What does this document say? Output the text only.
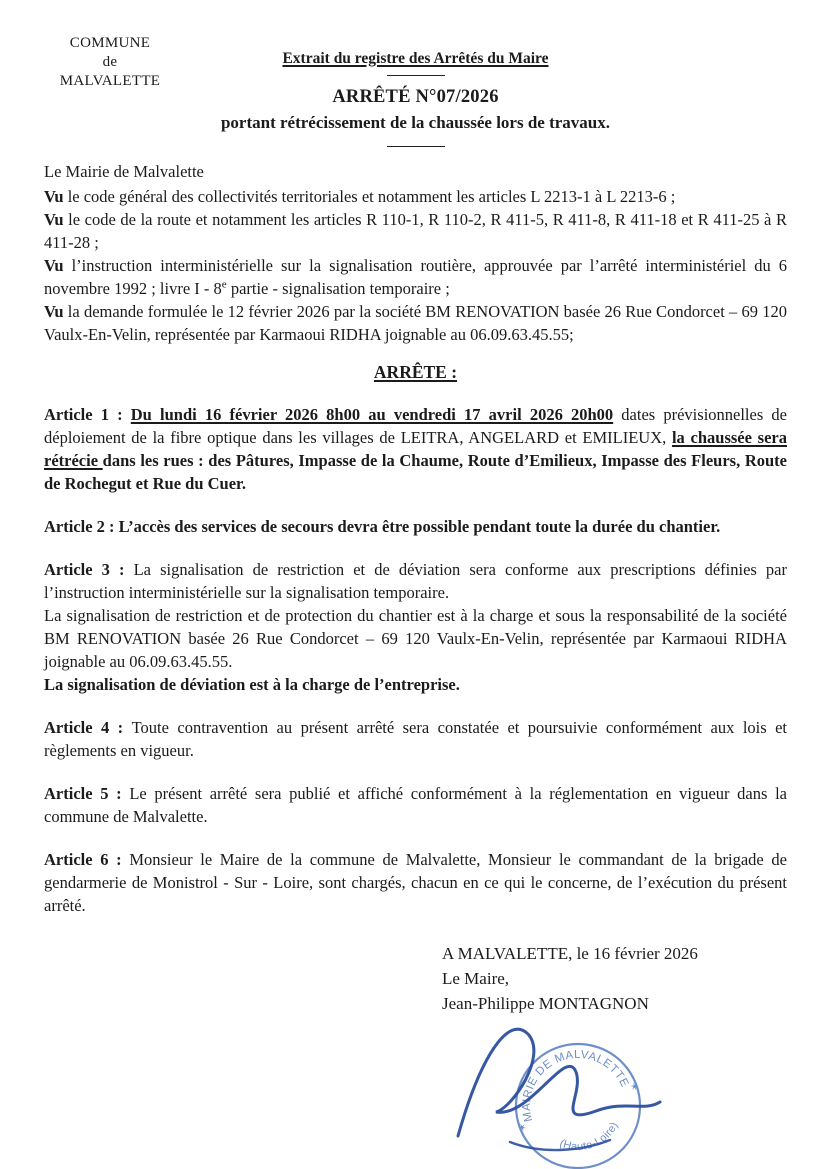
COMMUNE
de
MALVALETTE
Extrait du registre des Arrêtés du Maire
ARRÊTÉ N°07/2026
portant rétrécissement de la chaussée lors de travaux.

Le Mairie de Malvalette

Vu le code général des collectivités territoriales et notamment les articles L 2213-1 à L 2213-6 ;

Vu le code de la route et notamment les articles R 110-1, R 110-2, R 411-5, R 411-8, R 411-18 et R 411-25 à R 411-28 ;

Vu l’instruction interministérielle sur la signalisation routière, approuvée par l’arrêté interministériel du 6 novembre 1992 ; livre I - 8e partie - signalisation temporaire ;

Vu la demande formulée le 12 février 2026 par la société BM RENOVATION basée 26 Rue Condorcet – 69 120 Vaulx-En-Velin, représentée par Karmaoui RIDHA joignable au 06.09.63.45.55;

ARRÊTE :

Article 1 : Du lundi 16 février 2026 8h00 au vendredi 17 avril 2026 20h00 dates prévisionnelles de déploiement de la fibre optique dans les villages de LEITRA, ANGELARD et EMILIEUX, la chaussée sera rétrécie dans les rues : des Pâtures, Impasse de la Chaume, Route d’Emilieux, Impasse des Fleurs, Route de Rochegut et Rue du Cuer.

Article 2 : L’accès des services de secours devra être possible pendant toute la durée du chantier.

Article 3 : La signalisation de restriction et de déviation sera conforme aux prescriptions définies par l’instruction interministérielle sur la signalisation temporaire.

La signalisation de restriction et de protection du chantier est à la charge et sous la responsabilité de la société BM RENOVATION basée 26 Rue Condorcet – 69 120 Vaulx-En-Velin, représentée par Karmaoui RIDHA joignable au 06.09.63.45.55.

La signalisation de déviation est à la charge de l’entreprise.

Article 4 : Toute contravention au présent arrêté sera constatée et poursuivie conformément aux lois et règlements en vigueur.

Article 5 : Le présent arrêté sera publié et affiché conformément à la réglementation en vigueur dans la commune de Malvalette.

Article 6 : Monsieur le Maire de la commune de Malvalette, Monsieur le commandant de la brigade de gendarmerie de Monistrol - Sur - Loire, sont chargés, chacun en ce qui le concerne, de l’exécution du présent arrêté.

A MALVALETTE, le 16 février 2026
Le Maire,
Jean-Philippe MONTAGNON
MAIRIE DE MALVALETTE
(Haute-Loire)
✶
✶
